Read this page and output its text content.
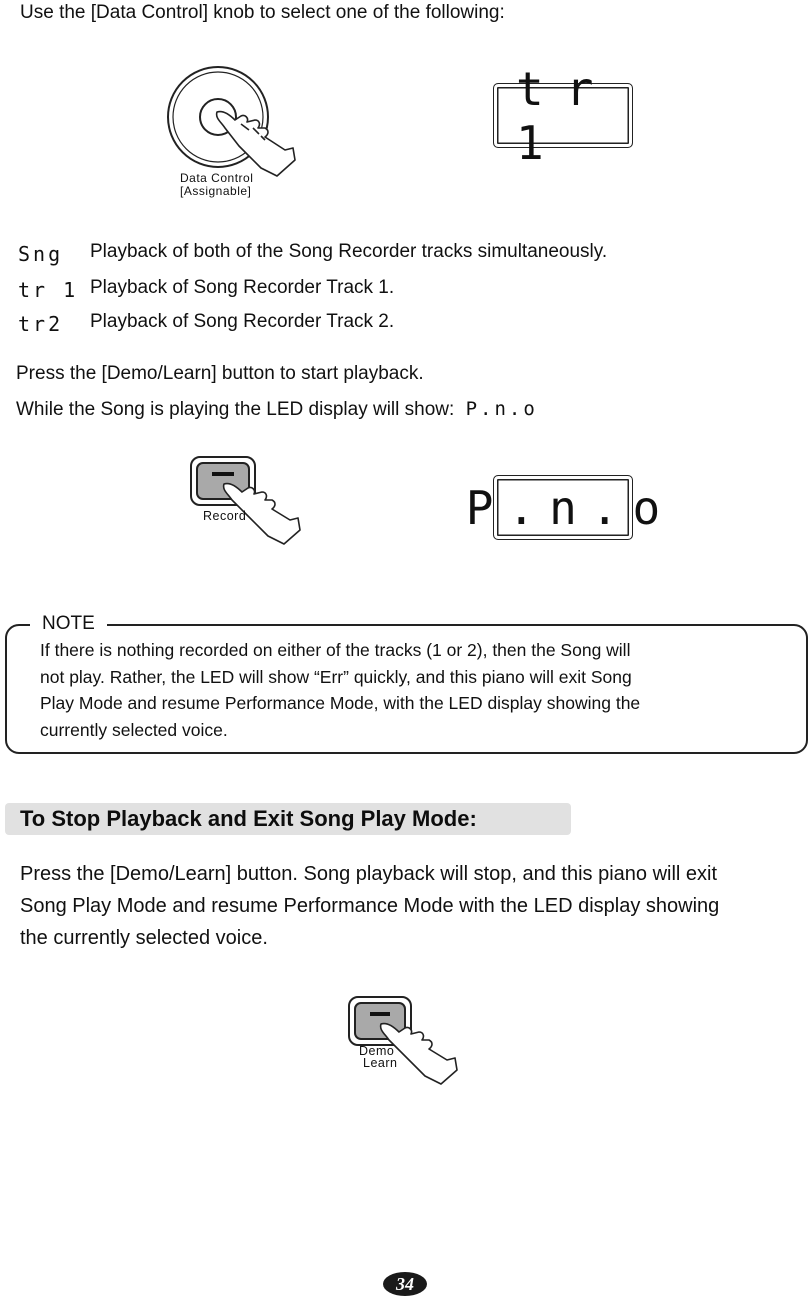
Use the [Data Control] knob to select one of the following:
Data Control
[Assignable]
tr 1
Sng Playback of both of the Song Recorder tracks simultaneously.
tr 1 Playback of Song Recorder Track 1.
tr2 Playback of Song Recorder Track 2.
Press the [Demo/Learn] button to start playback.
While the Song is playing the LED display will show: P.n.o
Record	P.n.o
NOTE
If there is nothing recorded on either of the tracks (1 or 2), then the Song will
not play. Rather, the LED will show “Err” quickly, and this piano will exit Song
Play Mode and resume Performance Mode, with the LED display showing the
currently selected voice.
To Stop Playback and Exit Song Play Mode:
Press the [Demo/Learn] button. Song playback will stop, and this piano will exit
Song Play Mode and resume Performance Mode with the LED display showing
the currently selected voice.
Demo
Learn
34
